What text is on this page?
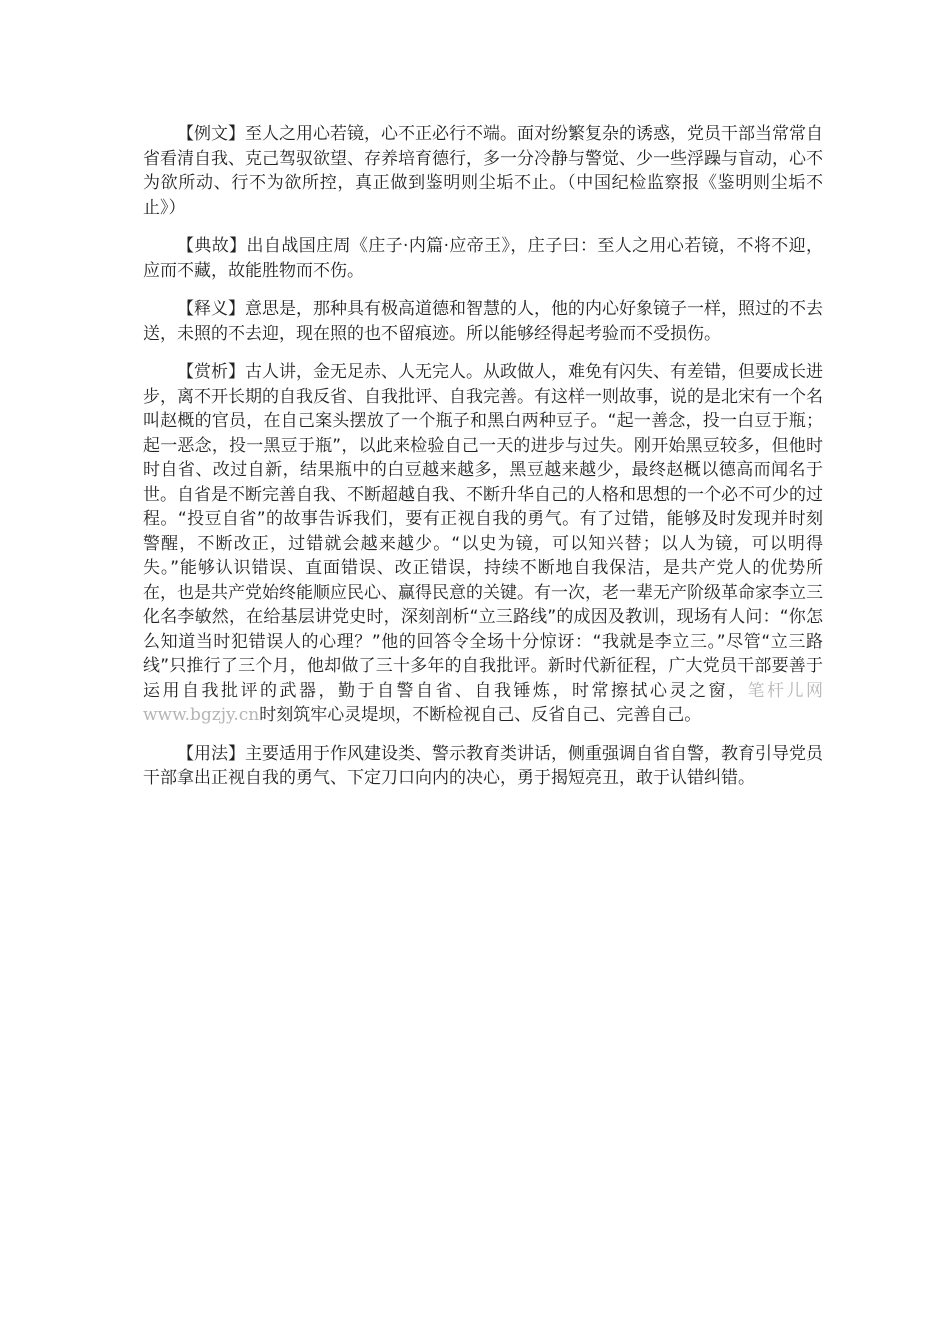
【例文】至人之用心若镜，心不正必行不端。面对纷繁复杂的诱惑，党员干部当常常自省看清自我、克己驾驭欲望、存养培育德行，多一分冷静与警觉、少一些浮躁与盲动，心不为欲所动、行不为欲所控，真正做到鉴明则尘垢不止。（中国纪检监察报《鉴明则尘垢不止》）

【典故】出自战国庄周《庄子·内篇·应帝王》，庄子曰：至人之用心若镜，不将不迎，应而不藏，故能胜物而不伤。

【释义】意思是，那种具有极高道德和智慧的人，他的内心好象镜子一样，照过的不去送，未照的不去迎，现在照的也不留痕迹。所以能够经得起考验而不受损伤。

【赏析】古人讲，金无足赤、人无完人。从政做人，难免有闪失、有差错，但要成长进步，离不开长期的自我反省、自我批评、自我完善。有这样一则故事，说的是北宋有一个名叫赵概的官员，在自己案头摆放了一个瓶子和黑白两种豆子。“起一善念，投一白豆于瓶；起一恶念，投一黑豆于瓶”，以此来检验自己一天的进步与过失。刚开始黑豆较多，但他时时自省、改过自新，结果瓶中的白豆越来越多，黑豆越来越少，最终赵概以德高而闻名于世。自省是不断完善自我、不断超越自我、不断升华自己的人格和思想的一个必不可少的过程。“投豆自省”的故事告诉我们，要有正视自我的勇气。有了过错，能够及时发现并时刻警醒，不断改正，过错就会越来越少。“以史为镜，可以知兴替；以人为镜，可以明得失。”能够认识错误、直面错误、改正错误，持续不断地自我保洁，是共产党人的优势所在，也是共产党始终能顺应民心、赢得民意的关键。有一次，老一辈无产阶级革命家李立三化名李敏然，在给基层讲党史时，深刻剖析“立三路线”的成因及教训，现场有人问：“你怎么知道当时犯错误人的心理？”他的回答令全场十分惊讶：“我就是李立三。”尽管“立三路线”只推行了三个月，他却做了三十多年的自我批评。新时代新征程，广大党员干部要善于运用自我批评的武器，勤于自警自省、自我锤炼，时常擦拭心灵之窗，笔杆儿网www.bgzjy.cn时刻筑牢心灵堤坝，不断检视自己、反省自己、完善自己。

【用法】主要适用于作风建设类、警示教育类讲话，侧重强调自省自警，教育引导党员干部拿出正视自我的勇气、下定刀口向内的决心，勇于揭短亮丑，敢于认错纠错。
